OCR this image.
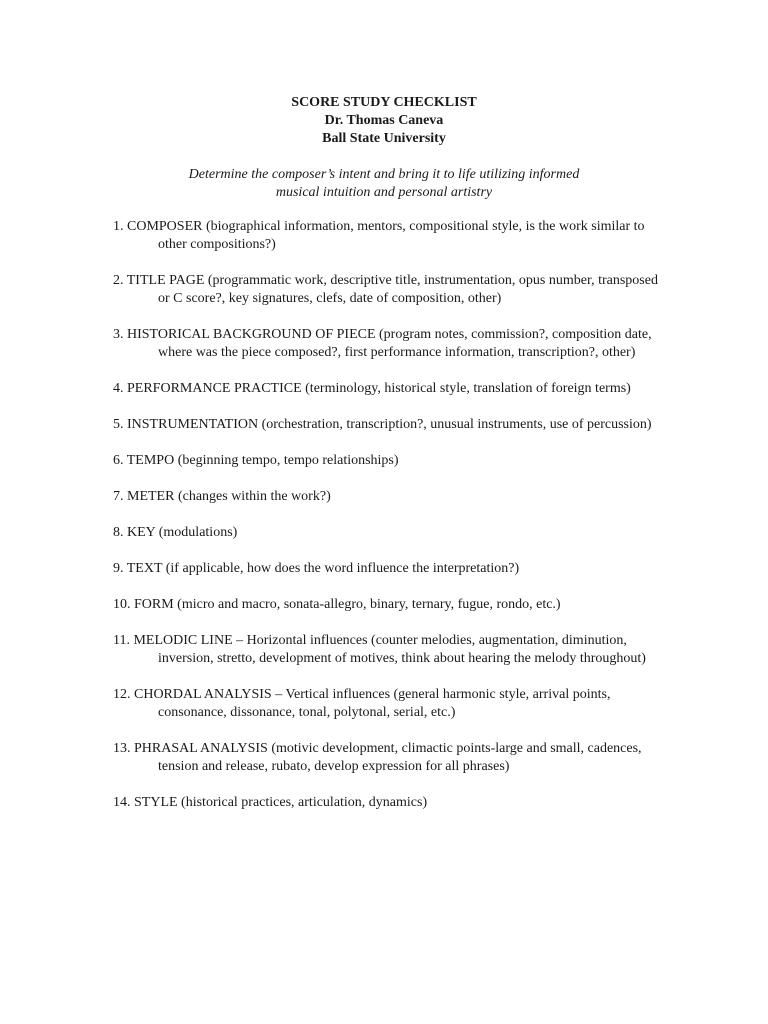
SCORE STUDY CHECKLIST
Dr. Thomas Caneva
Ball State University
Determine the composer’s intent and bring it to life utilizing informed
musical intuition and personal artistry
1. COMPOSER (biographical information, mentors, compositional style, is the work similar to other compositions?)
2. TITLE PAGE (programmatic work, descriptive title, instrumentation, opus number, transposed or C score?, key signatures, clefs, date of composition, other)
3. HISTORICAL BACKGROUND OF PIECE (program notes, commission?, composition date, where was the piece composed?, first performance information, transcription?, other)
4. PERFORMANCE PRACTICE (terminology, historical style, translation of foreign terms)
5. INSTRUMENTATION (orchestration, transcription?, unusual instruments, use of percussion)
6. TEMPO (beginning tempo, tempo relationships)
7. METER (changes within the work?)
8. KEY (modulations)
9. TEXT (if applicable, how does the word influence the interpretation?)
10. FORM (micro and macro, sonata-allegro, binary, ternary, fugue, rondo, etc.)
11. MELODIC LINE – Horizontal influences (counter melodies, augmentation, diminution, inversion, stretto, development of motives, think about hearing the melody throughout)
12. CHORDAL ANALYSIS – Vertical influences (general harmonic style, arrival points, consonance, dissonance, tonal, polytonal, serial, etc.)
13. PHRASAL ANALYSIS (motivic development, climactic points-large and small, cadences, tension and release, rubato, develop expression for all phrases)
14. STYLE (historical practices, articulation, dynamics)
